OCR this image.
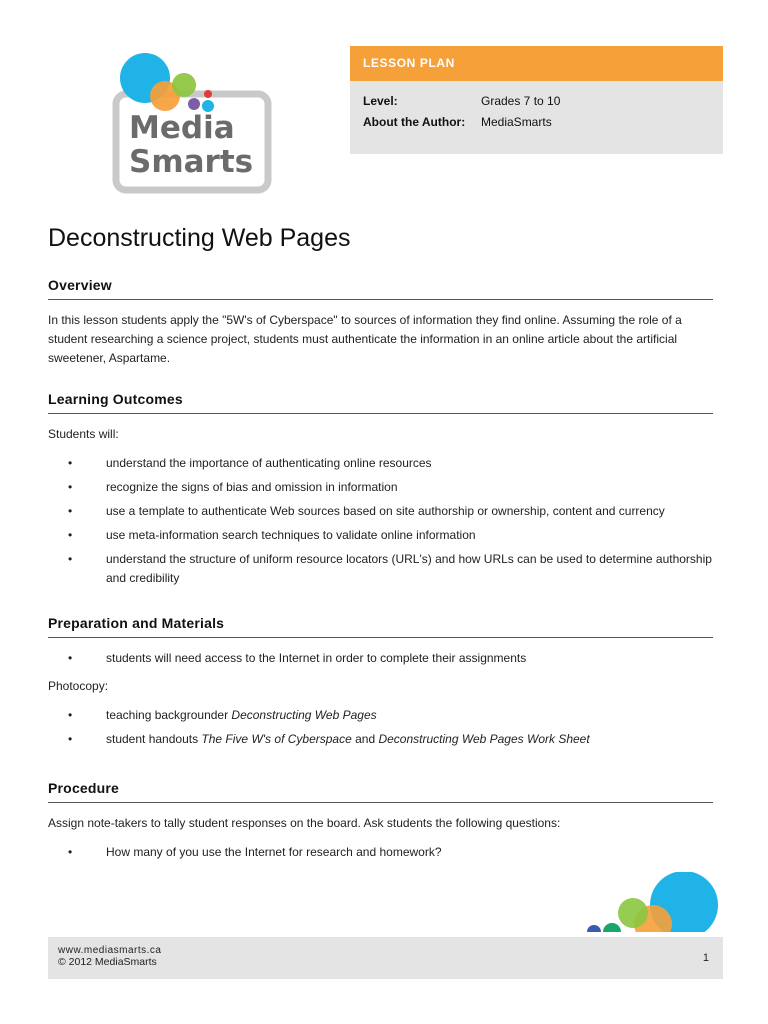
Media
Smarts
LESSON PLAN
Level:	Grades 7 to 10
About the Author:	MediaSmarts
Deconstructing Web Pages
Overview

In this lesson students apply the "5W's of Cyberspace" to sources of information they find online. Assuming the role of a student researching a science project, students must authenticate the information in an online article about the artificial sweetener, Aspartame.

Learning Outcomes

Students will:

•	understand the importance of authenticating online resources
•	recognize the signs of bias and omission in information
•	use a template to authenticate Web sources based on site authorship or ownership, content and currency
•	use meta-information search techniques to validate online information
•	understand the structure of uniform resource locators (URL's) and how URLs can be used to determine authorship and credibility
Preparation and Materials
•	students will need access to the Internet in order to complete their assignments

Photocopy:

•	teaching backgrounder Deconstructing Web Pages
•	student handouts The Five W's of Cyberspace and Deconstructing Web Pages Work Sheet
Procedure

Assign note-takers to tally student responses on the board. Ask students the following questions:

•	How many of you use the Internet for research and homework?
www.mediasmarts.ca
© 2012 MediaSmarts	1
